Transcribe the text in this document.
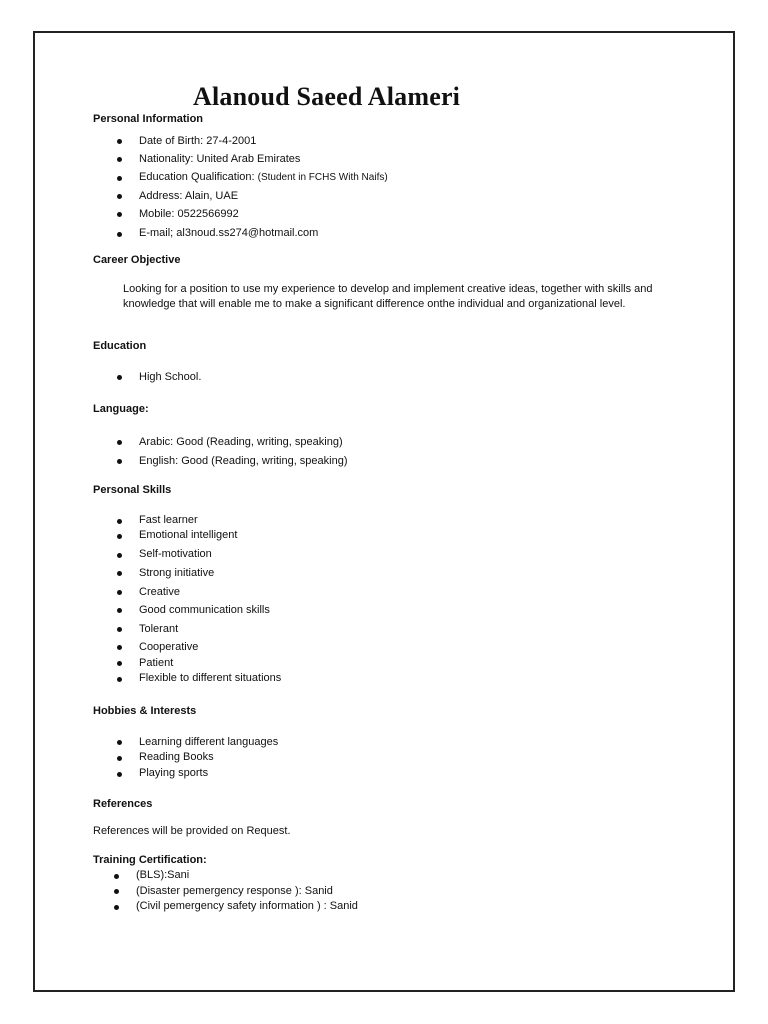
Alanoud Saeed Alameri
Personal Information
Date of Birth: 27-4-2001
Nationality: United Arab Emirates
Education Qualification: (Student in FCHS With Naifs)
Address: Alain, UAE
Mobile: 0522566992
E-mail; al3noud.ss274@hotmail.com
Career Objective
Looking for a position to use my experience to develop and implement creative ideas, together with skills and knowledge that will enable me to make a significant difference onthe individual and organizational level.
Education
High School.
Language:
Arabic: Good (Reading, writing, speaking)
English: Good (Reading, writing, speaking)
Personal Skills
Fast learner
Emotional intelligent
Self-motivation
Strong initiative
Creative
Good communication skills
Tolerant
Cooperative
Patient
Flexible to different situations
Hobbies & Interests
Learning different languages
Reading Books
Playing sports
References
References will be provided on Request.
Training Certification:
(BLS):Sani
(Disaster pemergency response ): Sanid
(Civil pemergency safety information ) : Sanid
